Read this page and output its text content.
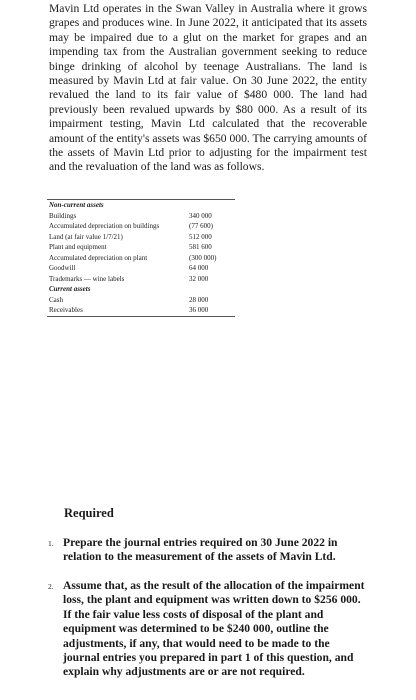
Mavin Ltd operates in the Swan Valley in Australia where it grows grapes and produces wine. In June 2022, it anticipated that its assets may be impaired due to a glut on the market for grapes and an impending tax from the Australian government seeking to reduce binge drinking of alcohol by teenage Australians. The land is measured by Mavin Ltd at fair value. On 30 June 2022, the entity revalued the land to its fair value of $480 000. The land had previously been revalued upwards by $80 000. As a result of its impairment testing, Mavin Ltd calculated that the recoverable amount of the entity's assets was $650 000. The carrying amounts of the assets of Mavin Ltd prior to adjusting for the impairment test and the revaluation of the land was as follows.

Non-current assets	
Buildings	340 000
Accumulated depreciation on buildings	(77 600)
Land (at fair value 1/7/21)	512 000
Plant and equipment	581 600
Accumulated depreciation on plant	(300 000)
Goodwill	64 000
Trademarks — wine labels	32 000
Current assets	
Cash	28 000
Receivables	36 000
Required
1. Prepare the journal entries required on 30 June 2022 in relation to the measurement of the assets of Mavin Ltd.
2. Assume that, as the result of the allocation of the impairment loss, the plant and equipment was written down to $256 000. If the fair value less costs of disposal of the plant and equipment was determined to be $240 000, outline the adjustments, if any, that would need to be made to the journal entries you prepared in part 1 of this question, and explain why adjustments are or are not required.
